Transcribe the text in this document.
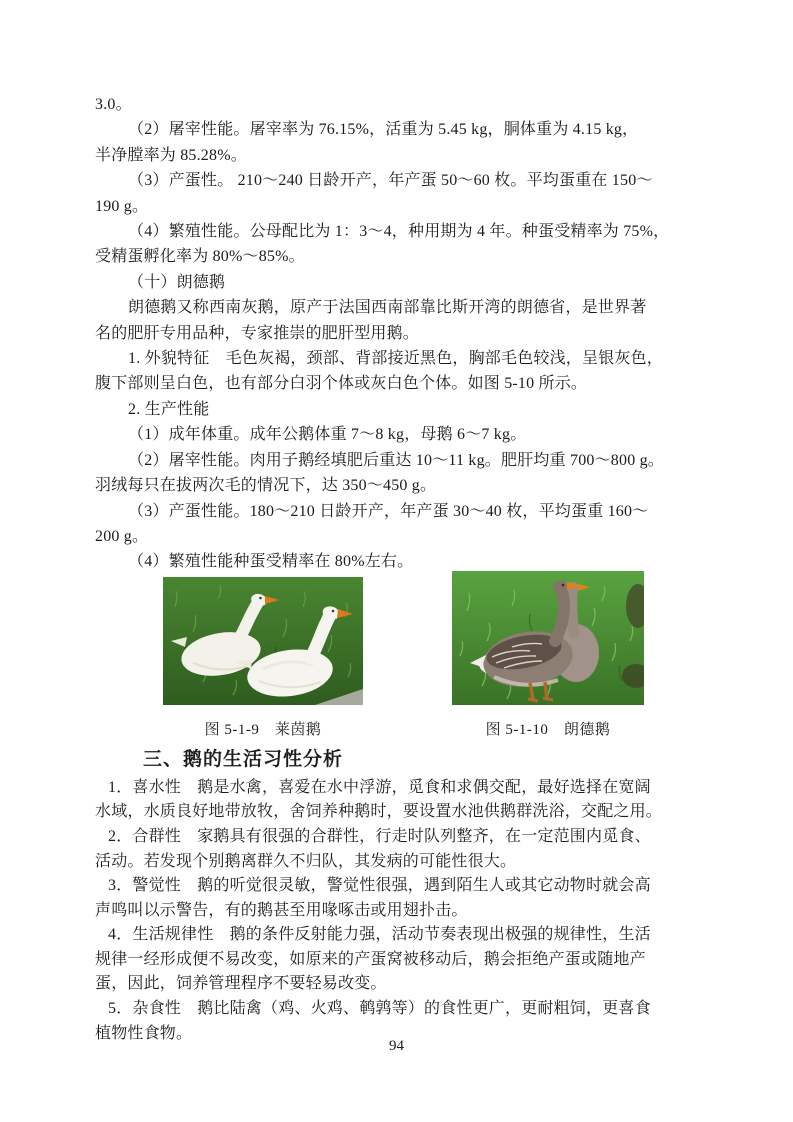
3.0。
（2）屠宰性能。屠宰率为 76.15%，活重为 5.45 kg，胴体重为 4.15 kg，
半净膛率为 85.28%。
（3）产蛋性。 210～240 日龄开产，年产蛋 50～60 枚。平均蛋重在 150～
190 g。
（4）繁殖性能。公母配比为 1：3～4，种用期为 4 年。种蛋受精率为 75%，
受精蛋孵化率为 80%～85%。
（十）朗德鹅
朗德鹅又称西南灰鹅，原产于法国西南部靠比斯开湾的朗德省，是世界著
名的肥肝专用品种，专家推崇的肥肝型用鹅。
1. 外貌特征　毛色灰褐，颈部、背部接近黑色，胸部毛色较浅，呈银灰色，
腹下部则呈白色，也有部分白羽个体或灰白色个体。如图 5-10 所示。
2. 生产性能
（1）成年体重。成年公鹅体重 7～8 kg，母鹅 6～7 kg。
（2）屠宰性能。肉用子鹅经填肥后重达 10～11 kg。肥肝均重 700～800 g。
羽绒每只在拔两次毛的情况下，达 350～450 g。
（3）产蛋性能。180～210 日龄开产，年产蛋 30～40 枚，平均蛋重 160～
200 g。
（4）繁殖性能种蛋受精率在 80%左右。
图 5-1-9　莱茵鹅	图 5-1-10　朗德鹅
三、鹅的生活习性分析
1．喜水性　鹅是水禽，喜爱在水中浮游，觅食和求偶交配，最好选择在宽阔
水域，水质良好地带放牧，舍饲养种鹅时，要设置水池供鹅群洗浴，交配之用。
2．合群性　家鹅具有很强的合群性，行走时队列整齐，在一定范围内觅食、
活动。若发现个别鹅离群久不归队，其发病的可能性很大。
3．警觉性　鹅的听觉很灵敏，警觉性很强，遇到陌生人或其它动物时就会高
声鸣叫以示警告，有的鹅甚至用喙啄击或用翅扑击。
4．生活规律性　鹅的条件反射能力强，活动节奏表现出极强的规律性，生活
规律一经形成便不易改变，如原来的产蛋窝被移动后，鹅会拒绝产蛋或随地产
蛋，因此，饲养管理程序不要轻易改变。
5．杂食性　鹅比陆禽（鸡、火鸡、鹌鹑等）的食性更广，更耐粗饲，更喜食
植物性食物。
94
